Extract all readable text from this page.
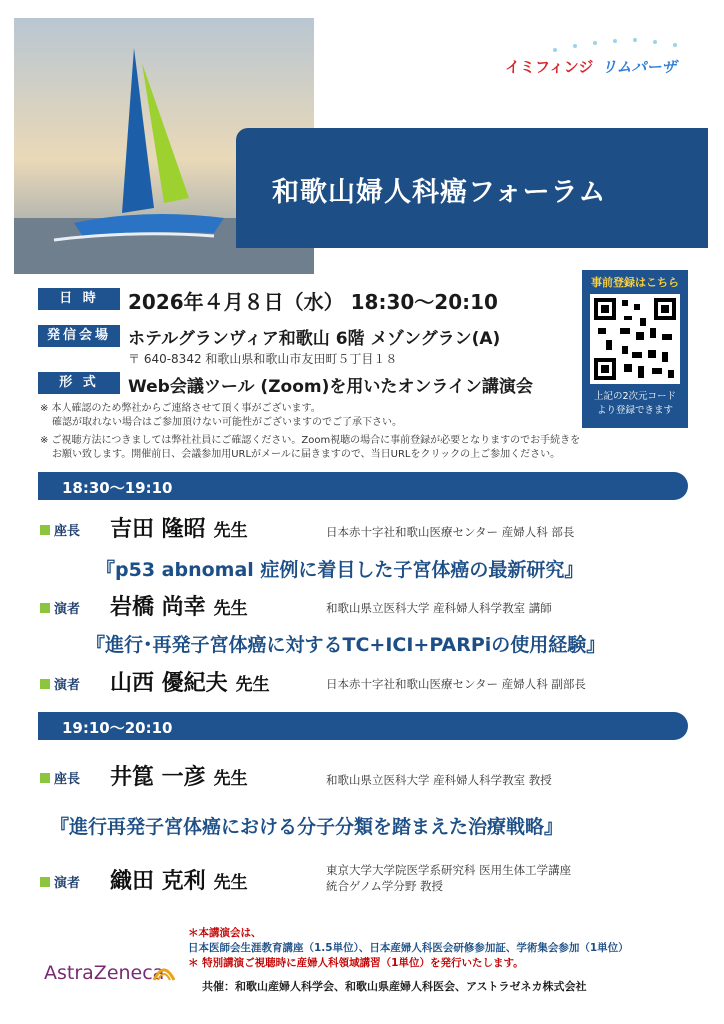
イミフィンジ リムパーザ
和歌山婦人科癌フォーラム
日 時	2026年４月８日（水） 18:30～20:10
発信会場	ホテルグランヴィア和歌山 6階 メゾングラン(A)
〒 640-8342 和歌山県和歌山市友田町５丁目１８
形 式	Web会議ツール (Zoom)を用いたオンライン講演会
事前登録はこちら
上記の2次元コード
より登録できます
※ 本人確認のため弊社からご連絡させて頂く事がございます。
確認が取れない場合はご参加頂けない可能性がございますのでご了承下さい。
※ ご視聴方法につきましては弊社社員にご確認ください。Zoom視聴の場合に事前登録が必要となりますのでお手続きを
お願い致します。開催前日、会議参加用URLがメールに届きますので、当日URLをクリックの上ご参加ください。
18:30～19:10
座長 吉田 隆昭 先生	日本赤十字社和歌山医療センター 産婦人科 部長
『p53 abnomal 症例に着目した子宮体癌の最新研究』
演者 岩橋 尚幸 先生	和歌山県立医科大学 産科婦人科学教室 講師
『進行･再発子宮体癌に対するTC+ICI+PARPiの使用経験』
演者 山西 優紀夫 先生	日本赤十字社和歌山医療センター 産婦人科 副部長
19:10～20:10
座長 井箟 一彦 先生	和歌山県立医科大学 産科婦人科学教室 教授
『進行再発子宮体癌における分子分類を踏まえた治療戦略』
演者 織田 克利 先生
東京大学大学院医学系研究科 医用生体工学講座
統合ゲノム学分野 教授
＊本講演会は、
日本医師会生涯教育講座（1.5単位）、日本産婦人科医会研修参加証、学術集会参加（1単位）
＊ 特別講演ご視聴時に産婦人科領域講習（1単位）を発行いたします。
AstraZeneca
共催：和歌山産婦人科学会、和歌山県産婦人科医会、アストラゼネカ株式会社
